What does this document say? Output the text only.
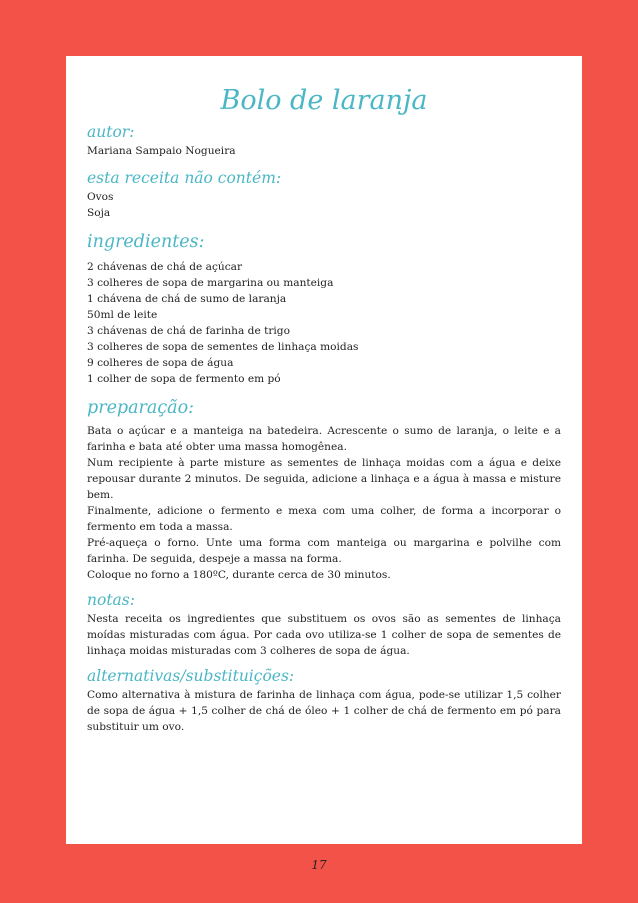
Bolo de laranja
autor:

Mariana Sampaio Nogueira

esta receita não contém:

Ovos

Soja

ingredientes:

2 chávenas de chá de açúcar

3 colheres de sopa de margarina ou manteiga

1 chávena de chá de sumo de laranja

50ml de leite

3 chávenas de chá de farinha de trigo

3 colheres de sopa de sementes de linhaça moidas

9 colheres de sopa de água

1 colher de sopa de fermento em pó

preparação:

Bata o açúcar e a manteiga na batedeira. Acrescente o sumo de laranja, o leite e a farinha e bata até obter uma massa homogênea.

Num recipiente à parte misture as sementes de linhaça moidas com a água e deixe repousar durante 2 minutos. De seguida, adicione a linhaça e a água à massa e misture bem.

Finalmente, adicione o fermento e mexa com uma colher, de forma a incorporar o fermento em toda a massa.

Pré-aqueça o forno. Unte uma forma com manteiga ou margarina e polvilhe com farinha. De seguida, despeje a massa na forma.

Coloque no forno a 180ºC, durante cerca de 30 minutos.

notas:

Nesta receita os ingredientes que substituem os ovos são as sementes de linhaça moídas misturadas com água. Por cada ovo utiliza-se 1 colher de sopa de sementes de linhaça moidas misturadas com 3 colheres de sopa de água.

alternativas/substituições:

Como alternativa à mistura de farinha de linhaça com água, pode-se utilizar 1,5 colher de sopa de água + 1,5 colher de chá de óleo + 1 colher de chá de fermento em pó para substituir um ovo.

17
